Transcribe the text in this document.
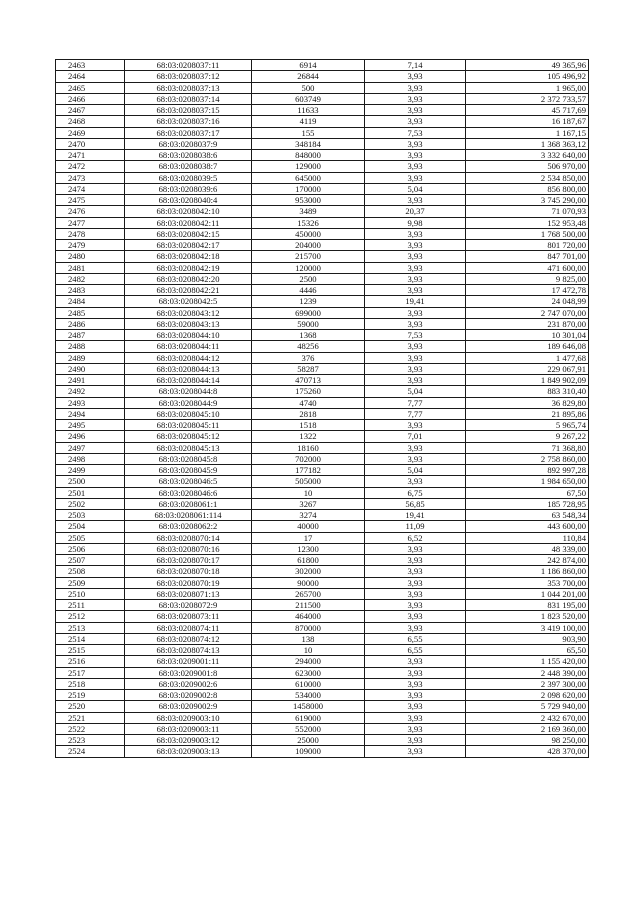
2463	68:03:0208037:11	6914	7,14	49 365,96
2464	68:03:0208037:12	26844	3,93	105 496,92
2465	68:03:0208037:13	500	3,93	1 965,00
2466	68:03:0208037:14	603749	3,93	2 372 733,57
2467	68:03:0208037:15	11633	3,93	45 717,69
2468	68:03:0208037:16	4119	3,93	16 187,67
2469	68:03:0208037:17	155	7,53	1 167,15
2470	68:03:0208037:9	348184	3,93	1 368 363,12
2471	68:03:0208038:6	848000	3,93	3 332 640,00
2472	68:03:0208038:7	129000	3,93	506 970,00
2473	68:03:0208039:5	645000	3,93	2 534 850,00
2474	68:03:0208039:6	170000	5,04	856 800,00
2475	68:03:0208040:4	953000	3,93	3 745 290,00
2476	68:03:0208042:10	3489	20,37	71 070,93
2477	68:03:0208042:11	15326	9,98	152 953,48
2478	68:03:0208042:15	450000	3,93	1 768 500,00
2479	68:03:0208042:17	204000	3,93	801 720,00
2480	68:03:0208042:18	215700	3,93	847 701,00
2481	68:03:0208042:19	120000	3,93	471 600,00
2482	68:03:0208042:20	2500	3,93	9 825,00
2483	68:03:0208042:21	4446	3,93	17 472,78
2484	68:03:0208042:5	1239	19,41	24 048,99
2485	68:03:0208043:12	699000	3,93	2 747 070,00
2486	68:03:0208043:13	59000	3,93	231 870,00
2487	68:03:0208044:10	1368	7,53	10 301,04
2488	68:03:0208044:11	48256	3,93	189 646,08
2489	68:03:0208044:12	376	3,93	1 477,68
2490	68:03:0208044:13	58287	3,93	229 067,91
2491	68:03:0208044:14	470713	3,93	1 849 902,09
2492	68:03:0208044:8	175260	5,04	883 310,40
2493	68:03:0208044:9	4740	7,77	36 829,80
2494	68:03:0208045:10	2818	7,77	21 895,86
2495	68:03:0208045:11	1518	3,93	5 965,74
2496	68:03:0208045:12	1322	7,01	9 267,22
2497	68:03:0208045:13	18160	3,93	71 368,80
2498	68:03:0208045:8	702000	3,93	2 758 860,00
2499	68:03:0208045:9	177182	5,04	892 997,28
2500	68:03:0208046:5	505000	3,93	1 984 650,00
2501	68:03:0208046:6	10	6,75	67,50
2502	68:03:0208061:1	3267	56,85	185 728,95
2503	68:03:0208061:114	3274	19,41	63 548,34
2504	68:03:0208062:2	40000	11,09	443 600,00
2505	68:03:0208070:14	17	6,52	110,84
2506	68:03:0208070:16	12300	3,93	48 339,00
2507	68:03:0208070:17	61800	3,93	242 874,00
2508	68:03:0208070:18	302000	3,93	1 186 860,00
2509	68:03:0208070:19	90000	3,93	353 700,00
2510	68:03:0208071:13	265700	3,93	1 044 201,00
2511	68:03:0208072:9	211500	3,93	831 195,00
2512	68:03:0208073:11	464000	3,93	1 823 520,00
2513	68:03:0208074:11	870000	3,93	3 419 100,00
2514	68:03:0208074:12	138	6,55	903,90
2515	68:03:0208074:13	10	6,55	65,50
2516	68:03:0209001:11	294000	3,93	1 155 420,00
2517	68:03:0209001:8	623000	3,93	2 448 390,00
2518	68:03:0209002:6	610000	3,93	2 397 300,00
2519	68:03:0209002:8	534000	3,93	2 098 620,00
2520	68:03:0209002:9	1458000	3,93	5 729 940,00
2521	68:03:0209003:10	619000	3,93	2 432 670,00
2522	68:03:0209003:11	552000	3,93	2 169 360,00
2523	68:03:0209003:12	25000	3,93	98 250,00
2524	68:03:0209003:13	109000	3,93	428 370,00
